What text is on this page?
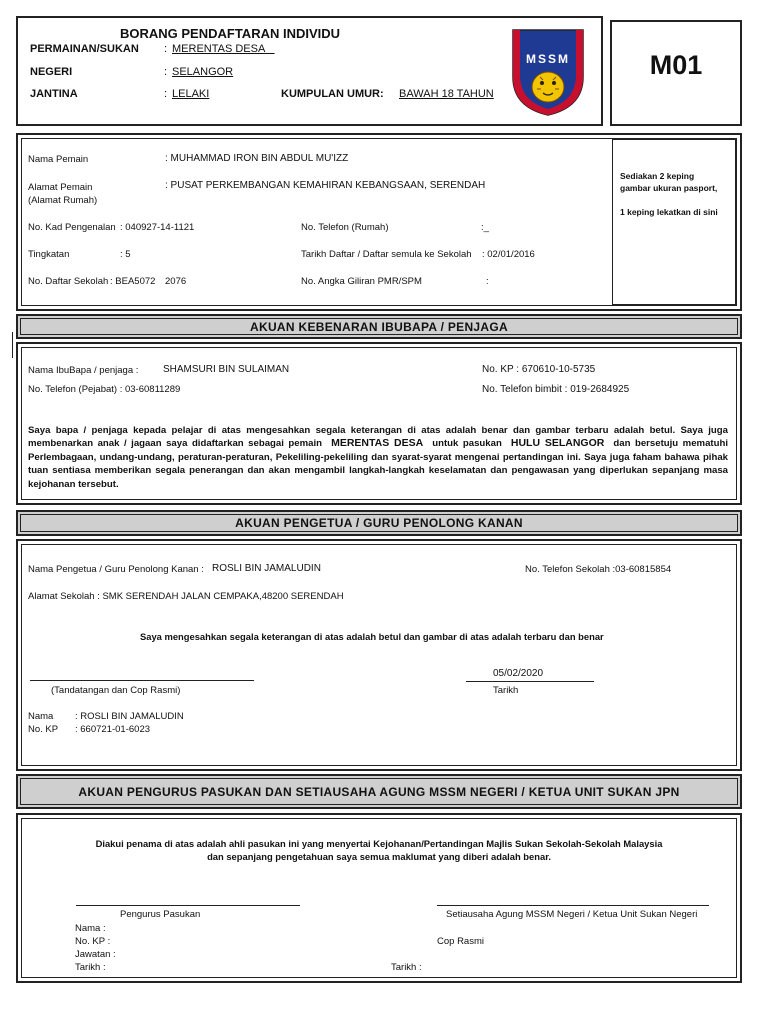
M01
BORANG PENDAFTARAN INDIVIDU
PERMAINAN/SUKAN : MERENTAS DESA
NEGERI	: SELANGOR
JANTINA	: LELAKI	KUMPULAN UMUR: BAWAH 18 TAHUN
MSSM
Sediakan 2 keping
gambar ukuran pasport,
1 keping lekatkan di sini
Nama Pemain	: MUHAMMAD IRON BIN ABDUL MU'IZZ
Alamat Pemain
(Alamat Rumah)
: PUSAT PERKEMBANGAN KEMAHIRAN KEBANGSAAN, SERENDAH
No. Kad Pengenalan : 040927-14-1121	No. Telefon (Rumah)	:_
Tingkatan	: 5	Tarikh Daftar / Daftar semula ke Sekolah : 02/01/2016
No. Daftar Sekolah : BEA5072 2076	No. Angka Giliran PMR/SPM	:
AKUAN KEBENARAN IBUBAPA / PENJAGA
Nama IbuBapa / penjaga : SHAMSURI BIN SULAIMAN	No. KP : 670610-10-5735
No. Telefon (Pejabat) : 03-60811289	No. Telefon bimbit : 019-2684925
Saya bapa / penjaga kepada pelajar di atas mengesahkan segala keterangan di atas adalah benar dan gambar terbaru adalah betul. Saya juga membenarkan anak / jagaan saya didaftarkan sebagai pemain MERENTAS DESA untuk pasukan HULU SELANGOR dan bersetuju mematuhi Perlembagaan, undang-undang, peraturan-peraturan, Pekeliling-pekeliling dan syarat-syarat mengenai pertandingan ini. Saya juga faham bahawa pihak tuan sentiasa memberikan segala penerangan dan akan mengambil langkah-langkah keselamatan dan pengawasan yang diperlukan sepanjang masa kejohanan tersebut.
AKUAN PENGETUA / GURU PENOLONG KANAN
Nama Pengetua / Guru Penolong Kanan : ROSLI BIN JAMALUDIN	No. Telefon Sekolah :03-60815854
Alamat Sekolah : SMK SERENDAH JALAN CEMPAKA,48200 SERENDAH
Saya mengesahkan segala keterangan di atas adalah betul dan gambar di atas adalah terbaru dan benar
(Tandatangan dan Cop Rasmi)
05/02/2020
Tarikh
Nama : ROSLI BIN JAMALUDIN
No. KP : 660721-01-6023
AKUAN PENGURUS PASUKAN DAN SETIAUSAHA AGUNG MSSM NEGERI / KETUA UNIT SUKAN JPN
Diakui penama di atas adalah ahli pasukan ini yang menyertai Kejohanan/Pertandingan Majlis Sukan Sekolah-Sekolah Malaysia
dan sepanjang pengetahuan saya semua maklumat yang diberi adalah benar.
Pengurus Pasukan	Setiausaha Agung MSSM Negeri / Ketua Unit Sukan Negeri
Nama :
No. KP :	Cop Rasmi
Jawatan :
Tarikh :	Tarikh :
